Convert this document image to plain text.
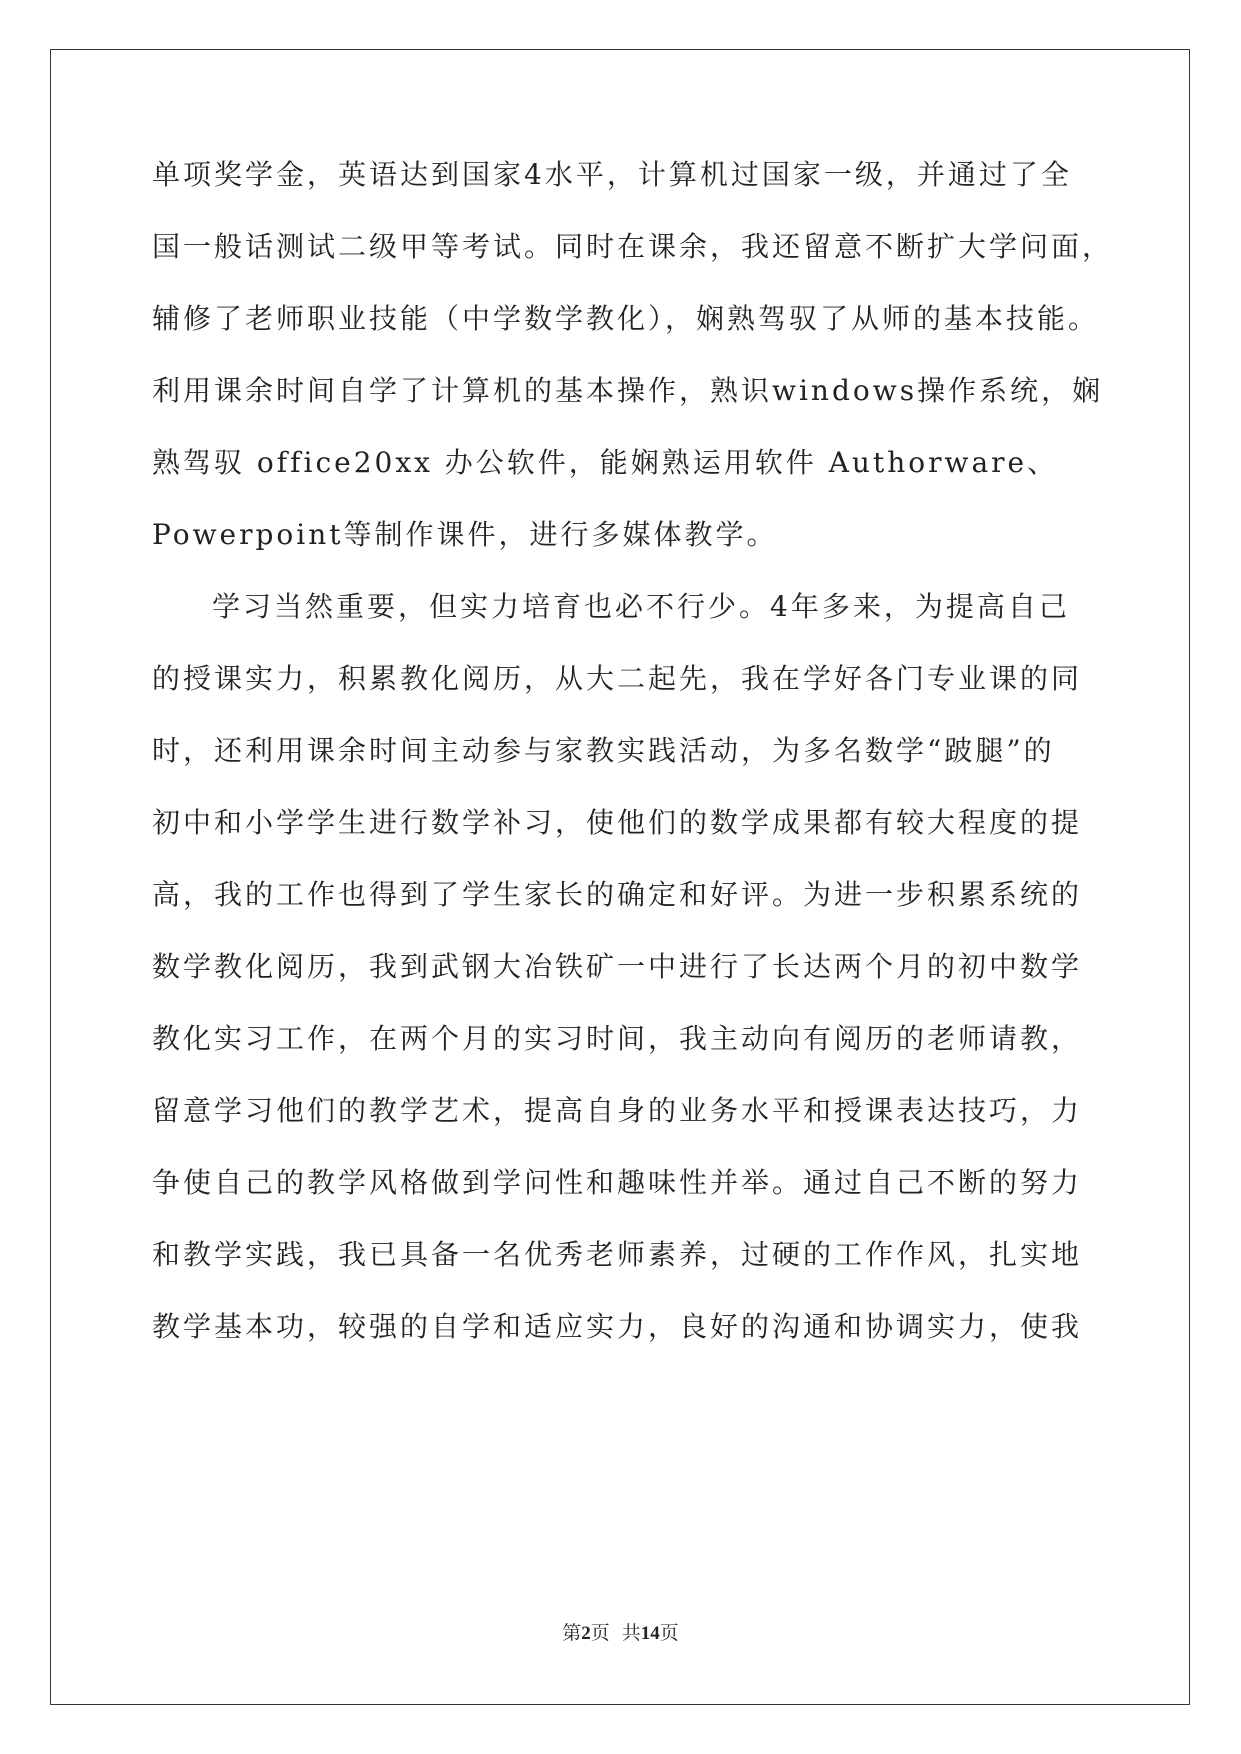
单项奖学金，英语达到国家4水平，计算机过国家一级，并通过了全
国一般话测试二级甲等考试。同时在课余，我还留意不断扩大学问面，
辅修了老师职业技能（中学数学教化），娴熟驾驭了从师的基本技能。
利用课余时间自学了计算机的基本操作，熟识windows操作系统，娴
熟驾驭 office20xx 办公软件，能娴熟运用软件 Authorware、
Powerpoint等制作课件，进行多媒体教学。
学习当然重要，但实力培育也必不行少。4年多来，为提高自己
的授课实力，积累教化阅历，从大二起先，我在学好各门专业课的同
时，还利用课余时间主动参与家教实践活动，为多名数学“跛腿”的
初中和小学学生进行数学补习，使他们的数学成果都有较大程度的提
高，我的工作也得到了学生家长的确定和好评。为进一步积累系统的
数学教化阅历，我到武钢大冶铁矿一中进行了长达两个月的初中数学
教化实习工作，在两个月的实习时间，我主动向有阅历的老师请教，
留意学习他们的教学艺术，提高自身的业务水平和授课表达技巧，力
争使自己的教学风格做到学问性和趣味性并举。通过自己不断的努力
和教学实践，我已具备一名优秀老师素养，过硬的工作作风，扎实地
教学基本功，较强的自学和适应实力，良好的沟通和协调实力，使我
第2页  共14页
